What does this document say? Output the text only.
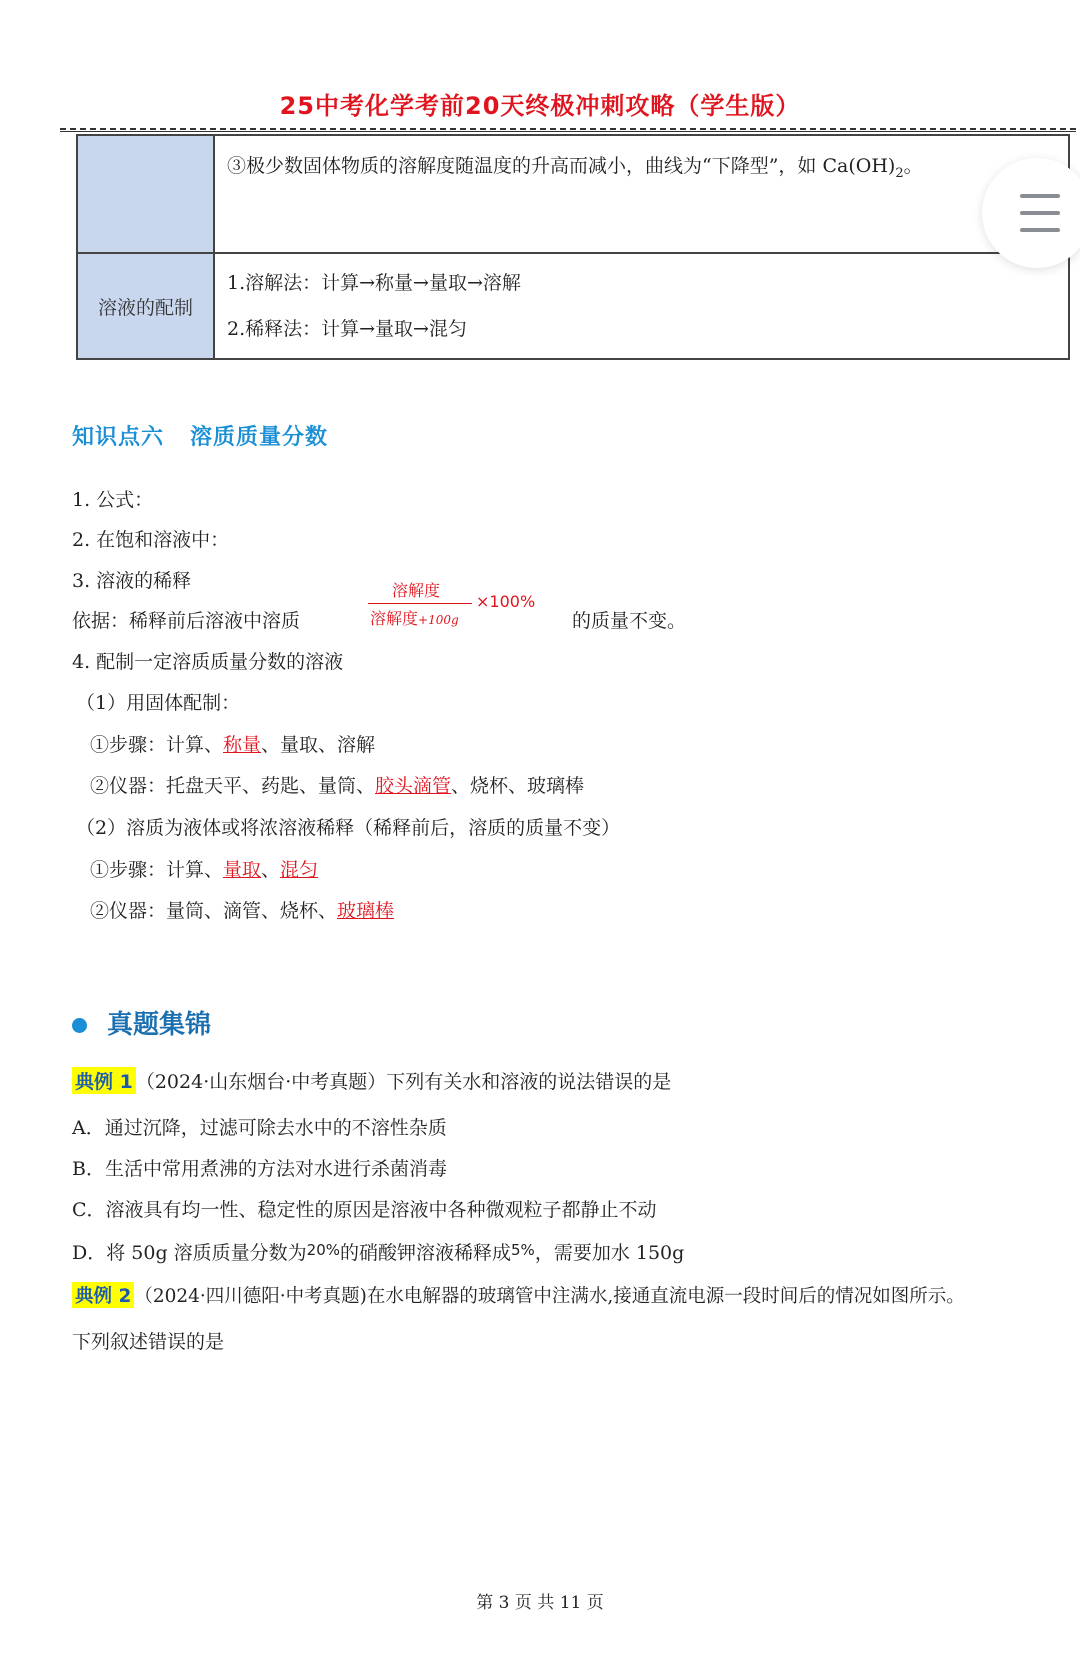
25中考化学考前20天终极冲刺攻略（学生版）
	③极少数固体物质的溶解度随温度的升高而减小，曲线为“下降型”，如 $Ca(OH)_2$。
溶液的配制	1.溶解法：计算→称量→量取→溶解
2.稀释法：计算→量取→混匀
知识点六 溶质质量分数
1. 公式：
2. 在饱和溶液中：
3. 溶液的稀释
依据：稀释前后溶液中溶质	的质量不变。
溶解度
溶解度+100g
×100%
4. 配制一定溶质质量分数的溶液
（1）用固体配制：
①步骤：计算、称量、量取、溶解
②仪器：托盘天平、药匙、量筒、胶头滴管、烧杯、玻璃棒
（2）溶质为液体或将浓溶液稀释（稀释前后，溶质的质量不变）
①步骤：计算、量取、混匀
②仪器：量筒、滴管、烧杯、玻璃棒
真题集锦
典例 1 （2024·山东烟台·中考真题）下列有关水和溶液的说法错误的是
A．通过沉降，过滤可除去水中的不溶性杂质
B．生活中常用煮沸的方法对水进行杀菌消毒
C．溶液具有均一性、稳定性的原因是溶液中各种微观粒子都静止不动
D．将 50g 溶质质量分数为$^{20\%}$的硝酸钾溶液稀释成$^{5\%}$，需要加水 150g
典例 2 （2024·四川德阳·中考真题)在水电解器的玻璃管中注满水,接通直流电源一段时间后的情况如图所示。
下列叙述错误的是
第 3 页 共 11 页
